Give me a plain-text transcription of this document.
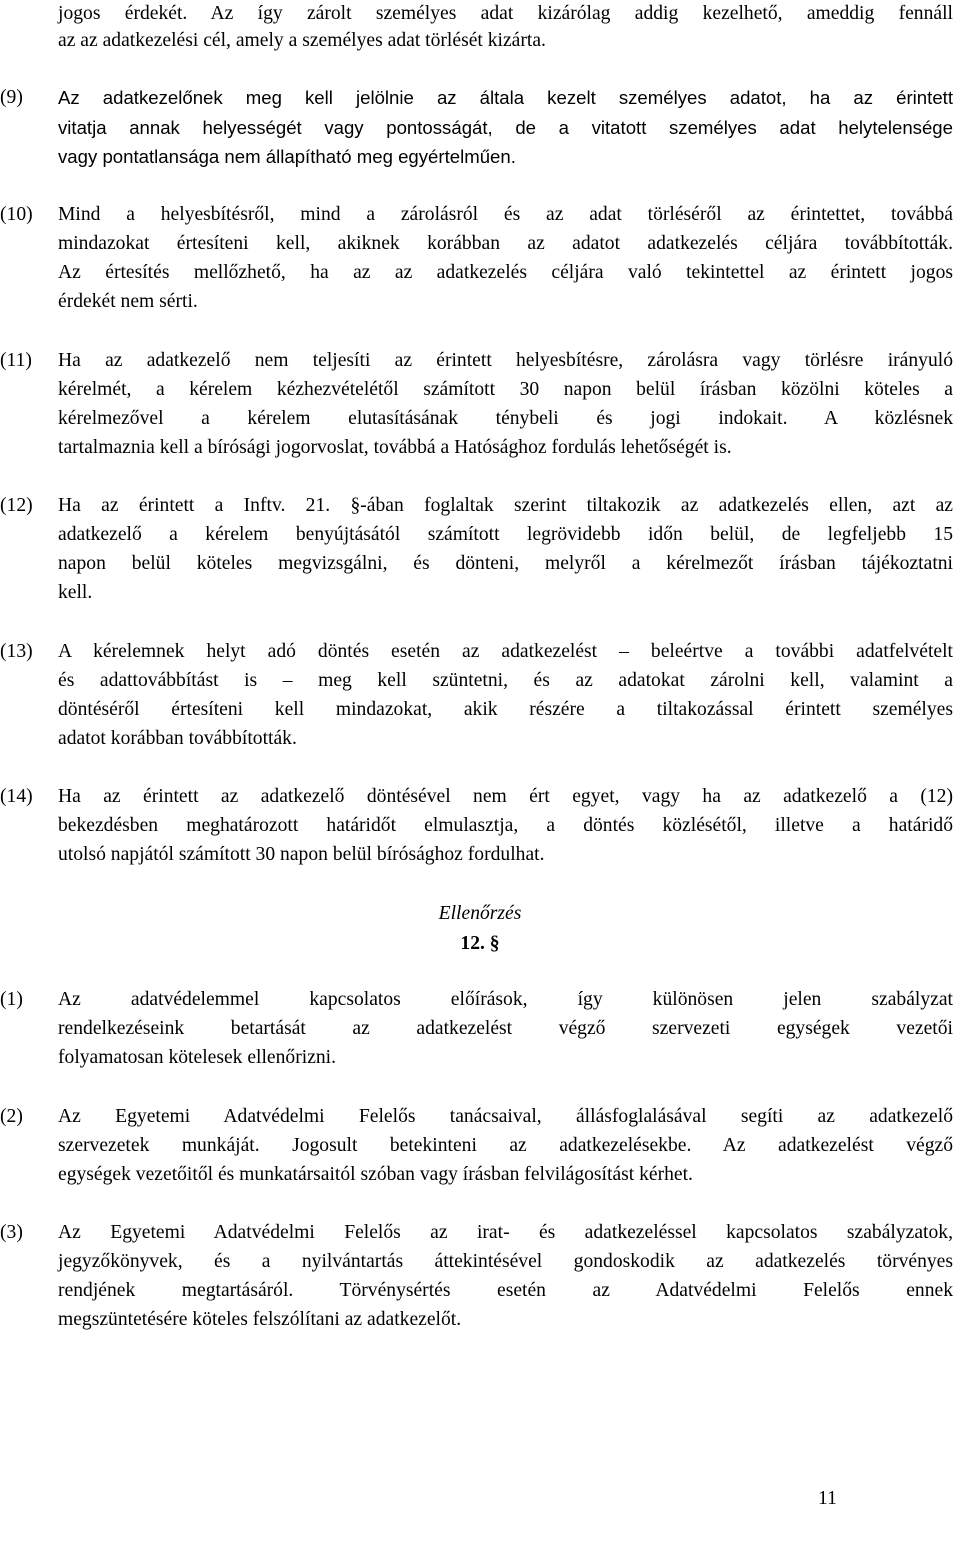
jogos érdekét. Az így zárolt személyes adat kizárólag addig kezelhető, ameddig fennáll
az az adatkezelési cél, amely a személyes adat törlését kizárta.
(9) Az adatkezelőnek meg kell jelölnie az általa kezelt személyes adatot, ha az érintett
vitatja annak helyességét vagy pontosságát, de a vitatott személyes adat helytelensége
vagy pontatlansága nem állapítható meg egyértelműen.
(10) Mind a helyesbítésről, mind a zárolásról és az adat törléséről az érintettet, továbbá
mindazokat értesíteni kell, akiknek korábban az adatot adatkezelés céljára továbbították.
Az értesítés mellőzhető, ha az az adatkezelés céljára való tekintettel az érintett jogos
érdekét nem sérti.
(11) Ha az adatkezelő nem teljesíti az érintett helyesbítésre, zárolásra vagy törlésre irányuló
kérelmét, a kérelem kézhezvételétől számított 30 napon belül írásban közölni köteles a
kérelmezővel a kérelem elutasításának ténybeli és jogi indokait. A közlésnek
tartalmaznia kell a bírósági jogorvoslat, továbbá a Hatósághoz fordulás lehetőségét is.
(12) Ha az érintett a Inftv. 21. §-ában foglaltak szerint tiltakozik az adatkezelés ellen, azt az
adatkezelő a kérelem benyújtásától számított legrövidebb időn belül, de legfeljebb 15
napon belül köteles megvizsgálni, és dönteni, melyről a kérelmezőt írásban tájékoztatni
kell.
(13) A kérelemnek helyt adó döntés esetén az adatkezelést – beleértve a további adatfelvételt
és adattovábbítást is – meg kell szüntetni, és az adatokat zárolni kell, valamint a
döntéséről értesíteni kell mindazokat, akik részére a tiltakozással érintett személyes
adatot korábban továbbították.
(14) Ha az érintett az adatkezelő döntésével nem ért egyet, vagy ha az adatkezelő a (12)
bekezdésben meghatározott határidőt elmulasztja, a döntés közlésétől, illetve a határidő
utolsó napjától számított 30 napon belül bírósághoz fordulhat.
Ellenőrzés
12. §
(1) Az adatvédelemmel kapcsolatos előírások, így különösen jelen szabályzat
rendelkezéseink betartását az adatkezelést végző szervezeti egységek vezetői
folyamatosan kötelesek ellenőrizni.
(2) Az Egyetemi Adatvédelmi Felelős tanácsaival, állásfoglalásával segíti az adatkezelő
szervezetek munkáját. Jogosult betekinteni az adatkezelésekbe. Az adatkezelést végző
egységek vezetőitől és munkatársaitól szóban vagy írásban felvilágosítást kérhet.
(3) Az Egyetemi Adatvédelmi Felelős az irat- és adatkezeléssel kapcsolatos szabályzatok,
jegyzőkönyvek, és a nyilvántartás áttekintésével gondoskodik az adatkezelés törvényes
rendjének megtartásáról. Törvénysértés esetén az Adatvédelmi Felelős ennek
megszüntetésére köteles felszólítani az adatkezelőt.
11
